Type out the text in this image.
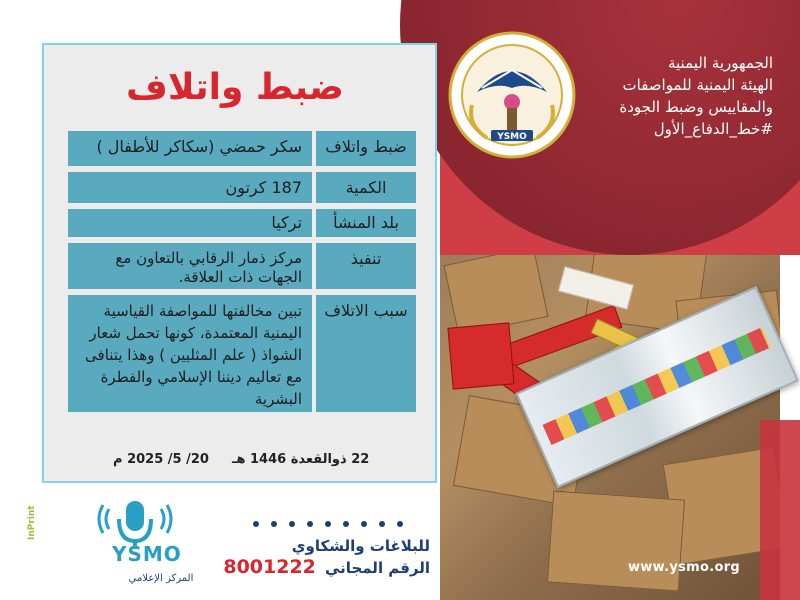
YSMO
الجمهورية اليمنية
الهيئة اليمنية للمواصفات
والمقاييس وضبط الجودة
#خط_الدفاع_الأول
ضبط واتلاف
ضبط واتلاف
سكر حمضي (سكاكر للأطفال )
الكمية
187 كرتون
بلد المنشأ
تركيا
تنفيذ
مركز ذمار الرقابي بالتعاون مع الجهات ذات العلاقة.
سبب الاتلاف
تبين مخالفتها للمواصفة القياسية اليمنية المعتمدة، كونها تحمل شعار الشواذ ( علم المثليين ) وهذا يتنافى مع تعاليم ديننا الإسلامي والفطرة البشرية
22 ذوالقعدة 1446 هـ
20/ 5/ 2025 م
للبلاغات والشكاوي
الرقم المجاني 8001222
YSMO
المركز الإعلامي
InPrint
www.ysmo.org
